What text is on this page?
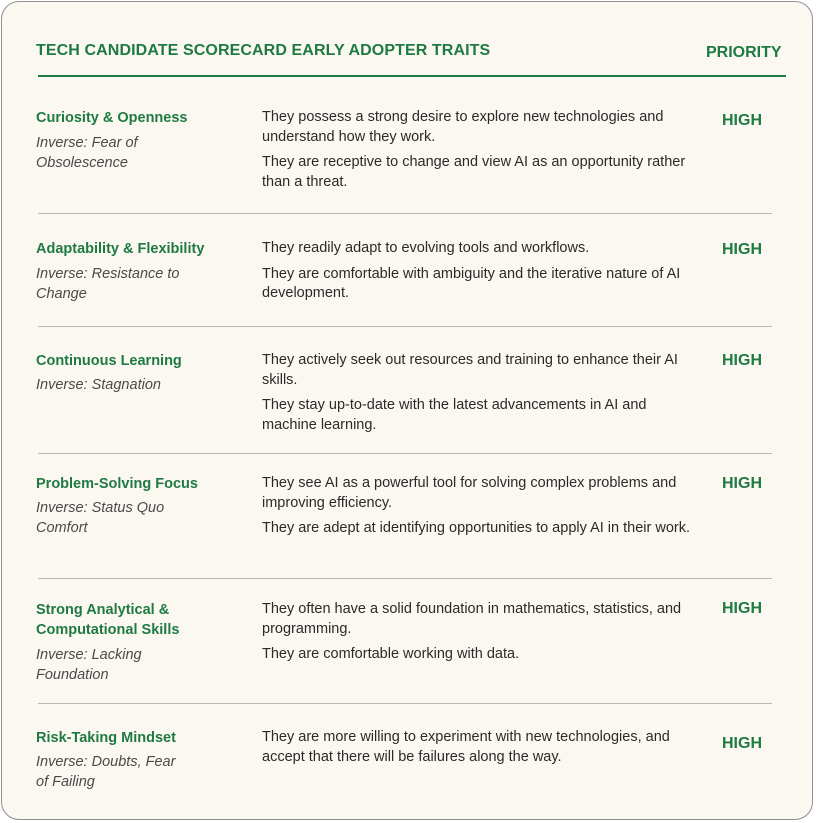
TECH CANDIDATE SCORECARD EARLY ADOPTER TRAITS	PRIORITY
Curiosity & Openness
Inverse: Fear of Obsolescence

They possess a strong desire to explore new technologies and understand how they work.

They are receptive to change and view AI as an opportunity rather than a threat.

HIGH
Adaptability & Flexibility
Inverse: Resistance to Change

They readily adapt to evolving tools and workflows.

They are comfortable with ambiguity and the iterative nature of AI development.

HIGH
Continuous Learning
Inverse: Stagnation

They actively seek out resources and training to enhance their AI skills.

They stay up-to-date with the latest advancements in AI and machine learning.

HIGH
Problem-Solving Focus
Inverse: Status Quo Comfort

They see AI as a powerful tool for solving complex problems and improving efficiency.

They are adept at identifying opportunities to apply AI in their work.

HIGH
Strong Analytical & Computational Skills
Inverse: Lacking Foundation

They often have a solid foundation in mathematics, statistics, and programming.

They are comfortable working with data.

HIGH
Risk-Taking Mindset
Inverse: Doubts, Fear of Failing

They are more willing to experiment with new technologies, and accept that there will be failures along the way.

HIGH
